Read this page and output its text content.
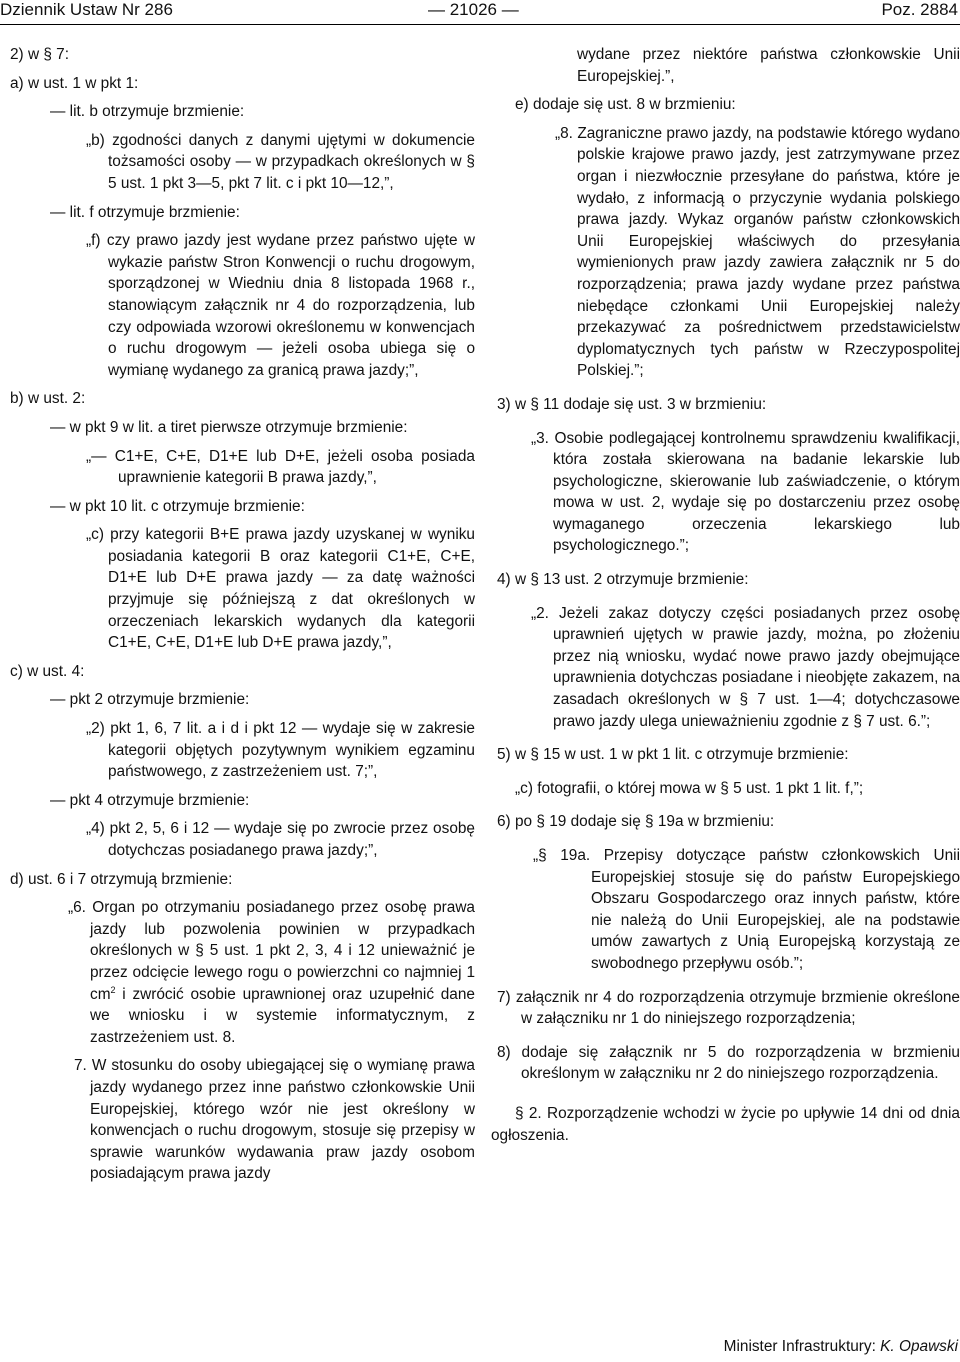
Dziennik Ustaw Nr 286	— 21026 —	Poz. 2884

2) w § 7:

a) w ust. 1 w pkt 1:

— lit. b otrzymuje brzmienie:

„b) zgodności danych z danymi ujętymi w dokumencie tożsamości osoby — w przypadkach określonych w § 5 ust. 1 pkt 3—5, pkt 7 lit. c i pkt 10—12,”,

— lit. f otrzymuje brzmienie:

„f) czy prawo jazdy jest wydane przez państwo ujęte w wykazie państw Stron Konwencji o ruchu drogowym, sporządzonej w Wiedniu dnia 8 listopada 1968 r., stanowiącym załącznik nr 4 do rozporządzenia, lub czy odpowiada wzorowi określonemu w konwencjach o ruchu drogowym — jeżeli osoba ubiega się o wymianę wydanego za granicą prawa jazdy;”,

b) w ust. 2:

— w pkt 9 w lit. a tiret pierwsze otrzymuje brzmienie:

„— C1+E, C+E, D1+E lub D+E, jeżeli osoba posiada uprawnienie kategorii B prawa jazdy,”,

— w pkt 10 lit. c otrzymuje brzmienie:

„c) przy kategorii B+E prawa jazdy uzyskanej w wyniku posiadania kategorii B oraz kategorii C1+E, C+E, D1+E lub D+E prawa jazdy — za datę ważności przyjmuje się późniejszą z dat określonych w orzeczeniach lekarskich wydanych dla kategorii C1+E, C+E, D1+E lub D+E prawa jazdy,”,

c) w ust. 4:

— pkt 2 otrzymuje brzmienie:

„2) pkt 1, 6, 7 lit. a i d i pkt 12 — wydaje się w zakresie kategorii objętych pozytywnym wynikiem egzaminu państwowego, z zastrzeżeniem ust. 7;”,

— pkt 4 otrzymuje brzmienie:

„4) pkt 2, 5, 6 i 12 — wydaje się po zwrocie przez osobę dotychczas posiadanego prawa jazdy;”,

d) ust. 6 i 7 otrzymują brzmienie:

„6. Organ po otrzymaniu posiadanego przez osobę prawa jazdy lub pozwolenia powinien w przypadkach określonych w § 5 ust. 1 pkt 2, 3, 4 i 12 unieważnić je przez odcięcie lewego rogu o powierzchni co najmniej 1 $cm^2$ i zwrócić osobie uprawnionej oraz uzupełnić dane we wniosku i w systemie informatycznym, z zastrzeżeniem ust. 8.

7. W stosunku do osoby ubiegającej się o wymianę prawa jazdy wydanego przez inne państwo członkowskie Unii Europejskiej, którego wzór nie jest określony w konwencjach o ruchu drogowym, stosuje się przepisy w sprawie warunków wydawania praw jazdy osobom posiadającym prawa jazdy

wydane przez niektóre państwa członkowskie Unii Europejskiej.”,

e) dodaje się ust. 8 w brzmieniu:

„8. Zagraniczne prawo jazdy, na podstawie którego wydano polskie krajowe prawo jazdy, jest zatrzymywane przez organ i niezwłocznie przesyłane do państwa, które je wydało, z informacją o przyczynie wydania polskiego prawa jazdy. Wykaz organów państw członkowskich Unii Europejskiej właściwych do przesyłania wymienionych praw jazdy zawiera załącznik nr 5 do rozporządzenia; prawa jazdy wydane przez państwa niebędące członkami Unii Europejskiej należy przekazywać za pośrednictwem przedstawicielstw dyplomatycznych tych państw w Rzeczypospolitej Polskiej.”;

3) w § 11 dodaje się ust. 3 w brzmieniu:

„3. Osobie podlegającej kontrolnemu sprawdzeniu kwalifikacji, która została skierowana na badanie lekarskie lub psychologiczne, skierowanie lub zaświadczenie, o którym mowa w ust. 2, wydaje się po dostarczeniu przez osobę wymaganego orzeczenia lekarskiego lub psychologicznego.”;

4) w § 13 ust. 2 otrzymuje brzmienie:

„2. Jeżeli zakaz dotyczy części posiadanych przez osobę uprawnień ujętych w prawie jazdy, można, po złożeniu przez nią wniosku, wydać nowe prawo jazdy obejmujące uprawnienia dotychczas posiadane i nieobjęte zakazem, na zasadach określonych w § 7 ust. 1—4; dotychczasowe prawo jazdy ulega unieważnieniu zgodnie z § 7 ust. 6.”;

5) w § 15 w ust. 1 w pkt 1 lit. c otrzymuje brzmienie:

„c) fotografii, o której mowa w § 5 ust. 1 pkt 1 lit. f,”;

6) po § 19 dodaje się § 19a w brzmieniu:

„§ 19a. Przepisy dotyczące państw członkowskich Unii Europejskiej stosuje się do państw Europejskiego Obszaru Gospodarczego oraz innych państw, które nie należą do Unii Europejskiej, ale na podstawie umów zawartych z Unią Europejską korzystają ze swobodnego przepływu osób.”;

7) załącznik nr 4 do rozporządzenia otrzymuje brzmienie określone w załączniku nr 1 do niniejszego rozporządzenia;

8) dodaje się załącznik nr 5 do rozporządzenia w brzmieniu określonym w załączniku nr 2 do niniejszego rozporządzenia.

§ 2. Rozporządzenie wchodzi w życie po upływie 14 dni od dnia ogłoszenia.

Minister Infrastruktury: K. Opawski
